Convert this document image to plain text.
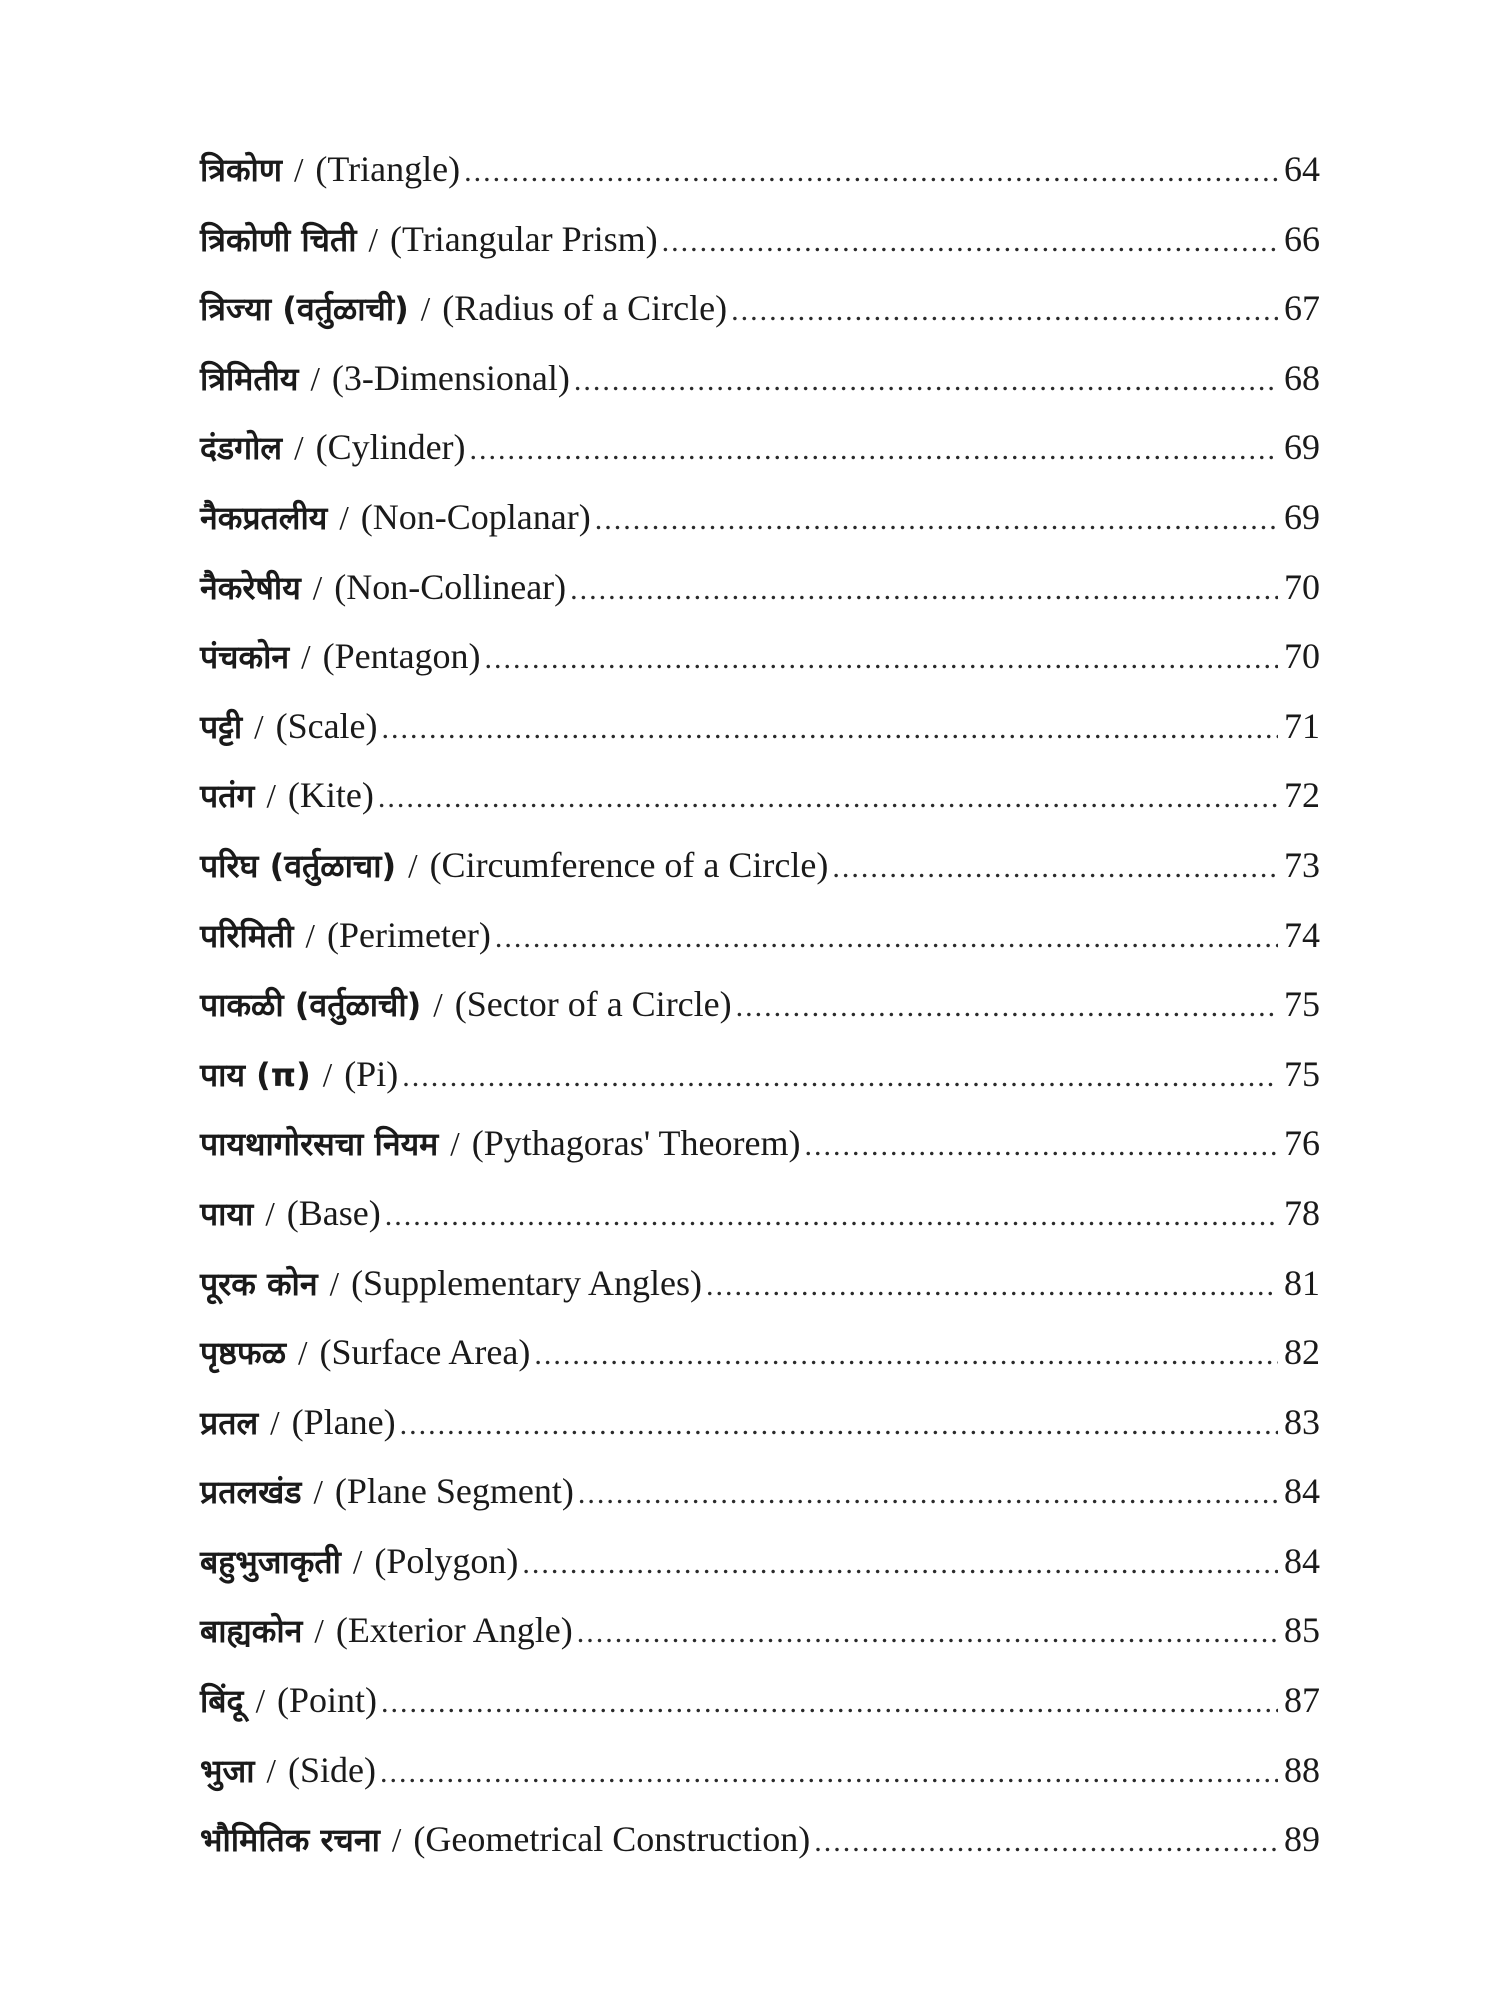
त्रिकोण / (Triangle) .....	64
त्रिकोणी चिती / (Triangular Prism) .....	66
त्रिज्या (वर्तुळाची) / (Radius of a Circle) .....	67
त्रिमितीय / (3-Dimensional) .....	68
दंडगोल / (Cylinder) .....	69
नैकप्रतलीय / (Non-Coplanar) .....	69
नैकरेषीय / (Non-Collinear) .....	70
पंचकोन / (Pentagon) .....	70
पट्टी / (Scale) .....	71
पतंग / (Kite) .....	72
परिघ (वर्तुळाचा) / (Circumference of a Circle) .....	73
परिमिती / (Perimeter) .....	74
पाकळी (वर्तुळाची) / (Sector of a Circle) .....	75
पाय (π) / (Pi) .....	75
पायथागोरसचा नियम / (Pythagoras' Theorem) .....	76
पाया / (Base) .....	78
पूरक कोन / (Supplementary Angles) .....	81
पृष्ठफळ / (Surface Area) .....	82
प्रतल / (Plane) .....	83
प्रतलखंड / (Plane Segment) .....	84
बहुभुजाकृती / (Polygon) .....	84
बाह्यकोन / (Exterior Angle) .....	85
बिंदू / (Point) .....	87
भुजा / (Side) .....	88
भौमितिक रचना / (Geometrical Construction) .....	89
